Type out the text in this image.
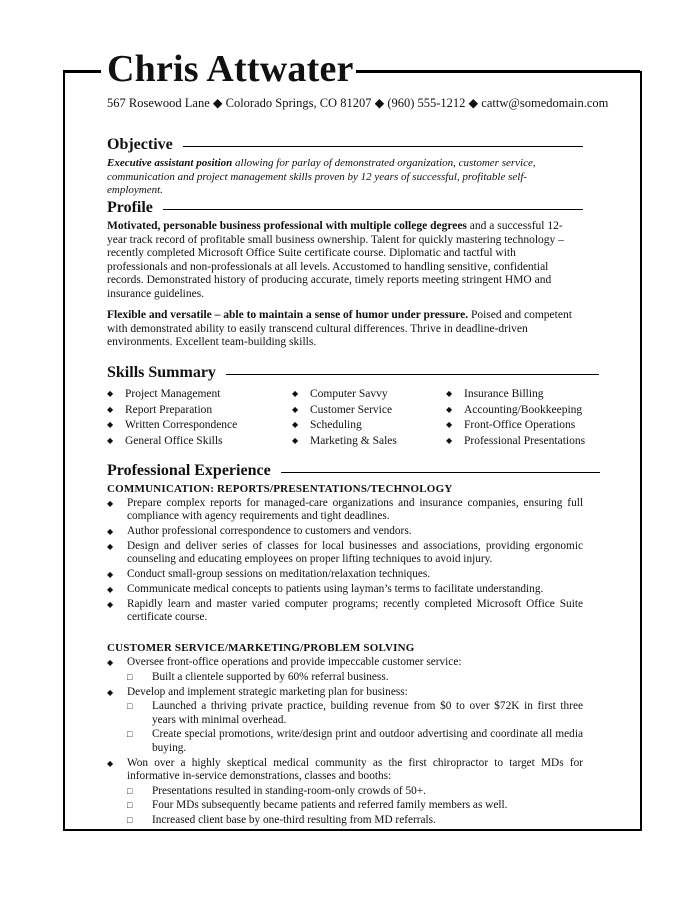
Chris Attwater
567 Rosewood Lane ◆ Colorado Springs, CO 81207 ◆ (960) 555-1212 ◆ cattw@somedomain.com
Objective
Executive assistant position allowing for parlay of demonstrated organization, customer service, communication and project management skills proven by 12 years of successful, profitable self-employment.
Profile
Motivated, personable business professional with multiple college degrees and a successful 12-year track record of profitable small business ownership. Talent for quickly mastering technology – recently completed Microsoft Office Suite certificate course. Diplomatic and tactful with professionals and non-professionals at all levels. Accustomed to handling sensitive, confidential records. Demonstrated history of producing accurate, timely reports meeting stringent HMO and insurance guidelines.
Flexible and versatile – able to maintain a sense of humor under pressure. Poised and competent with demonstrated ability to easily transcend cultural differences. Thrive in deadline-driven environments. Excellent team-building skills.
Skills Summary
◆ Project Management
◆ Report Preparation
◆ Written Correspondence
◆ General Office Skills
◆ Computer Savvy
◆ Customer Service
◆ Scheduling
◆ Marketing & Sales
◆ Insurance Billing
◆ Accounting/Bookkeeping
◆ Front-Office Operations
◆ Professional Presentations
Professional Experience
COMMUNICATION: REPORTS/PRESENTATIONS/TECHNOLOGY
◆ Prepare complex reports for managed-care organizations and insurance companies, ensuring full compliance with agency requirements and tight deadlines.
◆ Author professional correspondence to customers and vendors.
◆ Design and deliver series of classes for local businesses and associations, providing ergonomic counseling and educating employees on proper lifting techniques to avoid injury.
◆ Conduct small-group sessions on meditation/relaxation techniques.
◆ Communicate medical concepts to patients using layman’s terms to facilitate understanding.
◆ Rapidly learn and master varied computer programs; recently completed Microsoft Office Suite certificate course.
CUSTOMER SERVICE/MARKETING/PROBLEM SOLVING
◆ Oversee front-office operations and provide impeccable customer service:
□ Built a clientele supported by 60% referral business.
◆ Develop and implement strategic marketing plan for business:
□ Launched a thriving private practice, building revenue from $0 to over $72K in first three years with minimal overhead.
□ Create special promotions, write/design print and outdoor advertising and coordinate all media buying.
◆ Won over a highly skeptical medical community as the first chiropractor to target MDs for informative in-service demonstrations, classes and booths:
□ Presentations resulted in standing-room-only crowds of 50+.
□ Four MDs subsequently became patients and referred family members as well.
□ Increased client base by one-third resulting from MD referrals.
